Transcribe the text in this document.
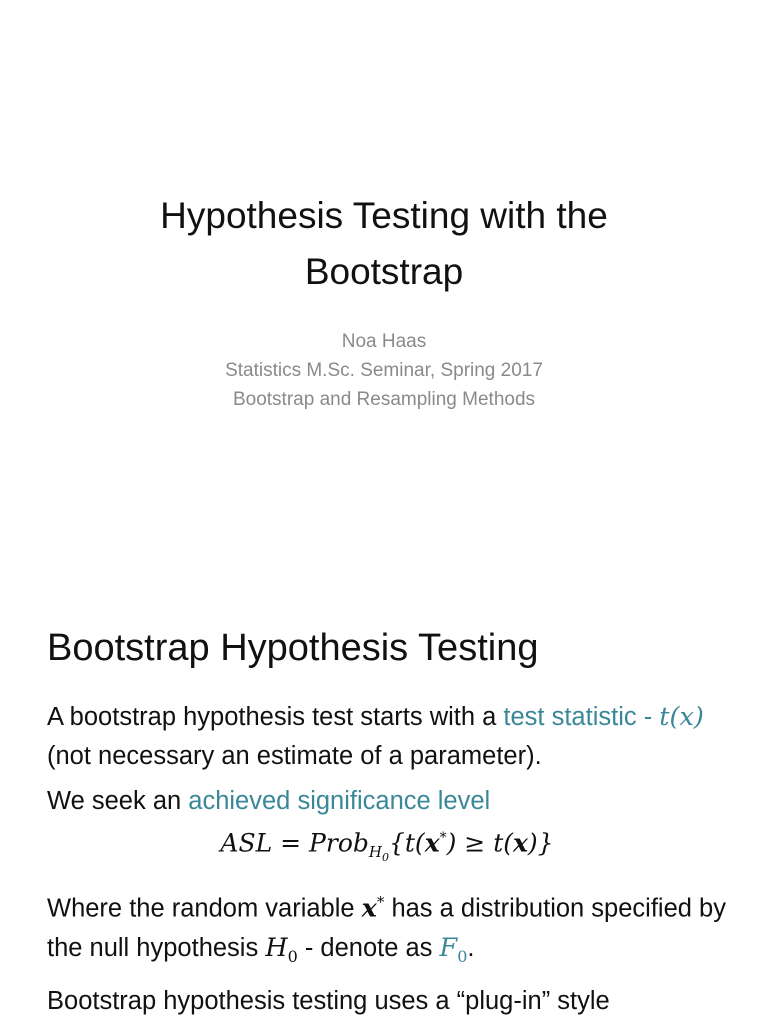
Hypothesis Testing with the
Bootstrap
Noa Haas
Statistics M.Sc. Seminar, Spring 2017
Bootstrap and Resampling Methods
Bootstrap Hypothesis Testing

A bootstrap hypothesis test starts with a test statistic - t(x) (not necessary an estimate of a parameter).

We seek an achieved significance level

ASL = Prob$_{H_0}${t(x*) ≥ t(x)}

Where the random variable x* has a distribution specified by the null hypothesis $H_0$ - denote as $F_0$.

Bootstrap hypothesis testing uses a “plug-in” style
